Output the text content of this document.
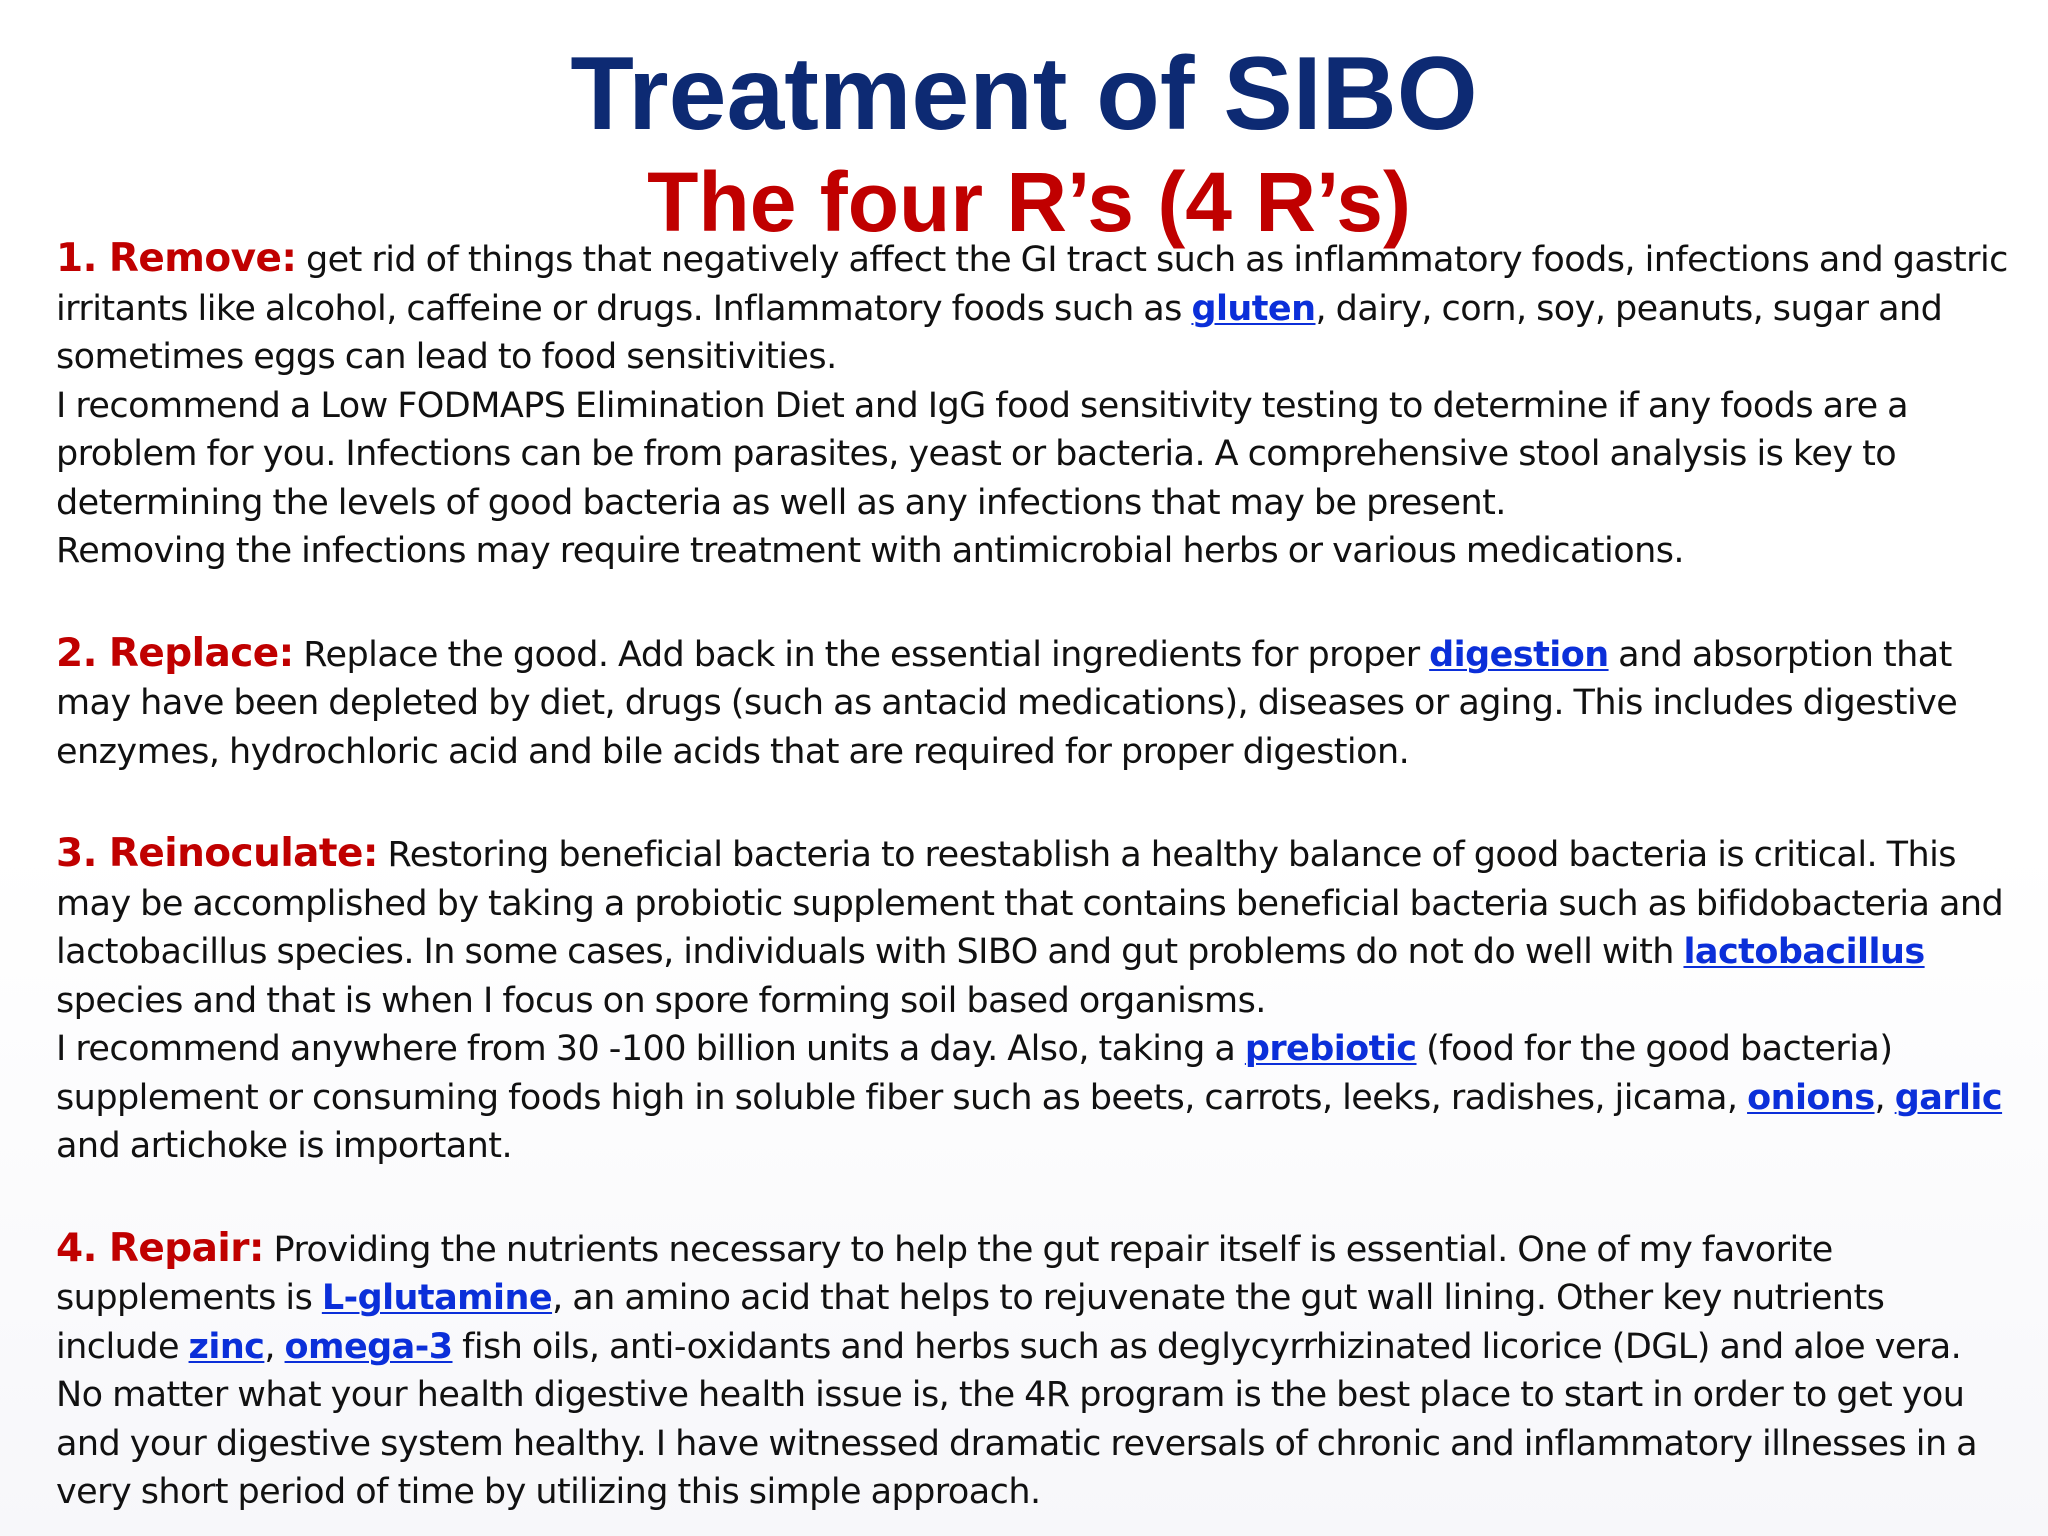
Treatment of SIBO
The four R’s (4 R’s)

1. Remove: get rid of things that negatively affect the GI tract such as inflammatory foods, infections and gastric irritants like alcohol, caffeine or drugs. Inflammatory foods such as gluten, dairy, corn, soy, peanuts, sugar and sometimes eggs can lead to food sensitivities.

I recommend a Low FODMAPS Elimination Diet and IgG food sensitivity testing to determine if any foods are a problem for you. Infections can be from parasites, yeast or bacteria. A comprehensive stool analysis is key to determining the levels of good bacteria as well as any infections that may be present.

Removing the infections may require treatment with antimicrobial herbs or various medications.

2. Replace: Replace the good. Add back in the essential ingredients for proper digestion and absorption that may have been depleted by diet, drugs (such as antacid medications), diseases or aging. This includes digestive enzymes, hydrochloric acid and bile acids that are required for proper digestion.

3. Reinoculate: Restoring beneficial bacteria to reestablish a healthy balance of good bacteria is critical. This may be accomplished by taking a probiotic supplement that contains beneficial bacteria such as bifidobacteria and lactobacillus species. In some cases, individuals with SIBO and gut problems do not do well with lactobacillus species and that is when I focus on spore forming soil based organisms.

I recommend anywhere from 30 -100 billion units a day. Also, taking a prebiotic (food for the good bacteria) supplement or consuming foods high in soluble fiber such as beets, carrots, leeks, radishes, jicama, onions, garlic and artichoke is important.

4. Repair: Providing the nutrients necessary to help the gut repair itself is essential. One of my favorite supplements is L-glutamine, an amino acid that helps to rejuvenate the gut wall lining. Other key nutrients include zinc, omega-3 fish oils, anti-oxidants and herbs such as deglycyrrhizinated licorice (DGL) and aloe vera.

No matter what your health digestive health issue is, the 4R program is the best place to start in order to get you and your digestive system healthy. I have witnessed dramatic reversals of chronic and inflammatory illnesses in a very short period of time by utilizing this simple approach.
